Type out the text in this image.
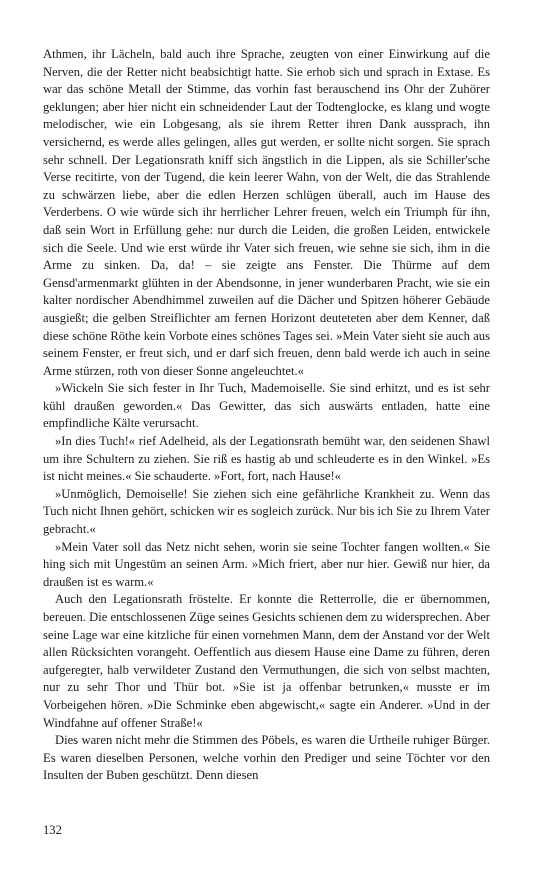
Athmen, ihr Lächeln, bald auch ihre Sprache, zeugten von einer Einwirkung auf die Nerven, die der Retter nicht beabsichtigt hatte. Sie erhob sich und sprach in Extase. Es war das schöne Metall der Stimme, das vorhin fast berauschend ins Ohr der Zuhörer geklungen; aber hier nicht ein schneidender Laut der Todtenglocke, es klang und wogte melodischer, wie ein Lobgesang, als sie ihrem Retter ihren Dank aussprach, ihn versichernd, es werde alles gelingen, alles gut werden, er sollte nicht sorgen. Sie sprach sehr schnell. Der Legationsrath kniff sich ängstlich in die Lippen, als sie Schiller'sche Verse recitirte, von der Tugend, die kein leerer Wahn, von der Welt, die das Strahlende zu schwärzen liebe, aber die edlen Herzen schlügen überall, auch im Hause des Verderbens. O wie würde sich ihr herrlicher Lehrer freuen, welch ein Triumph für ihn, daß sein Wort in Erfüllung gehe: nur durch die Leiden, die großen Leiden, entwickele sich die Seele. Und wie erst würde ihr Vater sich freuen, wie sehne sie sich, ihm in die Arme zu sinken. Da, da! – sie zeigte ans Fenster. Die Thürme auf dem Gensd'armenmarkt glühten in der Abendsonne, in jener wunderbaren Pracht, wie sie ein kalter nordischer Abendhimmel zuweilen auf die Dächer und Spitzen höherer Gebäude ausgießt; die gelben Streiflichter am fernen Horizont deuteteten aber dem Kenner, daß diese schöne Röthe kein Vorbote eines schönes Tages sei. »Mein Vater sieht sie auch aus seinem Fenster, er freut sich, und er darf sich freuen, denn bald werde ich auch in seine Arme stürzen, roth von dieser Sonne angeleuchtet.«

»Wickeln Sie sich fester in Ihr Tuch, Mademoiselle. Sie sind erhitzt, und es ist sehr kühl draußen geworden.« Das Gewitter, das sich auswärts entladen, hatte eine empfindliche Kälte verursacht.

»In dies Tuch!« rief Adelheid, als der Legationsrath bemüht war, den seidenen Shawl um ihre Schultern zu ziehen. Sie riß es hastig ab und schleuderte es in den Winkel. »Es ist nicht meines.« Sie schauderte. »Fort, fort, nach Hause!«

»Unmöglich, Demoiselle! Sie ziehen sich eine gefährliche Krankheit zu. Wenn das Tuch nicht Ihnen gehört, schicken wir es sogleich zurück. Nur bis ich Sie zu Ihrem Vater gebracht.«

»Mein Vater soll das Netz nicht sehen, worin sie seine Tochter fangen wollten.« Sie hing sich mit Ungestüm an seinen Arm. »Mich friert, aber nur hier. Gewiß nur hier, da draußen ist es warm.«

Auch den Legationsrath fröstelte. Er konnte die Retterrolle, die er übernommen, bereuen. Die entschlossenen Züge seines Gesichts schienen dem zu widersprechen. Aber seine Lage war eine kitzliche für einen vornehmen Mann, dem der Anstand vor der Welt allen Rücksichten vorangeht. Oeffentlich aus diesem Hause eine Dame zu führen, deren aufgeregter, halb verwildeter Zustand den Vermuthungen, die sich von selbst machten, nur zu sehr Thor und Thür bot. »Sie ist ja offenbar betrunken,« musste er im Vorbeigehen hören. »Die Schminke eben abgewischt,« sagte ein Anderer. »Und in der Windfahne auf offener Straße!«

Dies waren nicht mehr die Stimmen des Pöbels, es waren die Urtheile ruhiger Bürger. Es waren dieselben Personen, welche vorhin den Prediger und seine Töchter vor den Insulten der Buben geschützt. Denn diesen

132
